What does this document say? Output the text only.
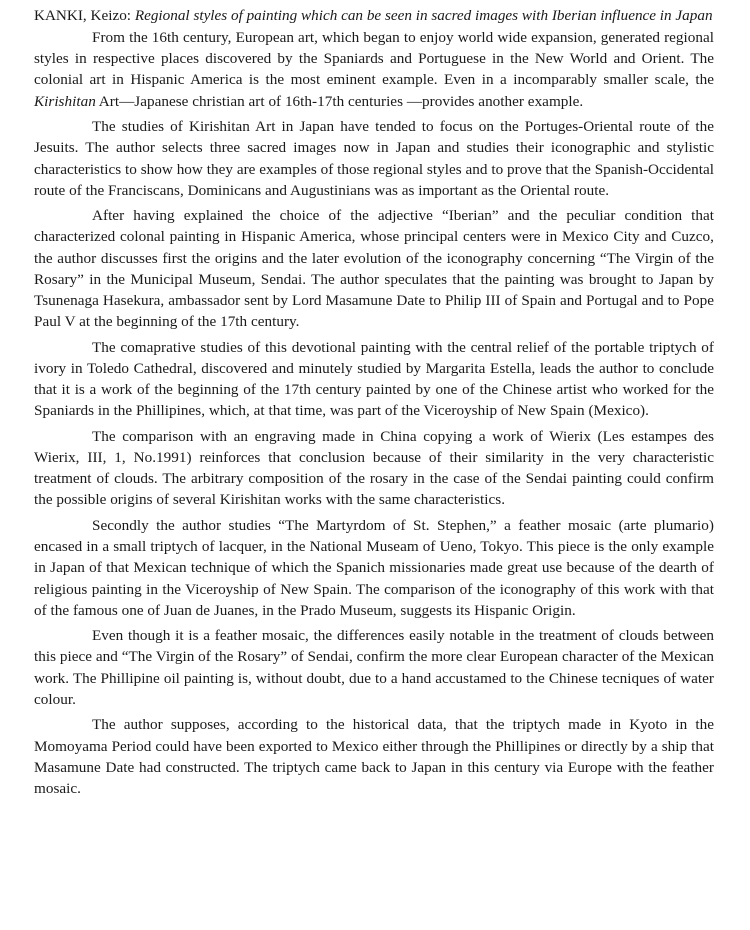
KANKI, Keizo: Regional styles of painting which can be seen in sacred images with Iberian influence in Japan

From the 16th century, European art, which began to enjoy world wide expansion, generated regional styles in respective places discovered by the Spaniards and Portuguese in the New World and Orient. The colonial art in Hispanic America is the most eminent example. Even in a incomparably smaller scale, the Kirishitan Art—Japanese christian art of 16th-17th centuries —provides another example.

The studies of Kirishitan Art in Japan have tended to focus on the Portuges-Oriental route of the Jesuits. The author selects three sacred images now in Japan and studies their iconographic and stylistic characteristics to show how they are examples of those regional styles and to prove that the Spanish-Occidental route of the Franciscans, Dominicans and Augustinians was as important as the Oriental route.

After having explained the choice of the adjective “Iberian” and the peculiar condition that characterized colonal painting in Hispanic America, whose principal centers were in Mexico City and Cuzco, the author discusses first the origins and the later evolution of the iconography concerning “The Virgin of the Rosary” in the Municipal Museum, Sendai. The author speculates that the painting was brought to Japan by Tsunenaga Hasekura, ambassador sent by Lord Masamune Date to Philip III of Spain and Portugal and to Pope Paul V at the beginning of the 17th century.

The comaprative studies of this devotional painting with the central relief of the portable triptych of ivory in Toledo Cathedral, discovered and minutely studied by Margarita Estella, leads the author to conclude that it is a work of the beginning of the 17th century painted by one of the Chinese artist who worked for the Spaniards in the Phillipines, which, at that time, was part of the Viceroyship of New Spain (Mexico).

The comparison with an engraving made in China copying a work of Wierix (Les estampes des Wierix, III, 1, No.1991) reinforces that conclusion because of their similarity in the very characteristic treatment of clouds. The arbitrary composition of the rosary in the case of the Sendai painting could confirm the possible origins of several Kirishitan works with the same characteristics.

Secondly the author studies “The Martyrdom of St. Stephen,” a feather mosaic (arte plumario) encased in a small triptych of lacquer, in the National Museam of Ueno, Tokyo. This piece is the only example in Japan of that Mexican technique of which the Spanich missionaries made great use because of the dearth of religious painting in the Viceroyship of New Spain. The comparison of the iconography of this work with that of the famous one of Juan de Juanes, in the Prado Museum, suggests its Hispanic Origin.

Even though it is a feather mosaic, the differences easily notable in the treatment of clouds between this piece and “The Virgin of the Rosary” of Sendai, confirm the more clear European character of the Mexican work. The Phillipine oil painting is, without doubt, due to a hand accustamed to the Chinese tecniques of water colour.

The author supposes, according to the historical data, that the triptych made in Kyoto in the Momoyama Period could have been exported to Mexico either through the Phillipines or directly by a ship that Masamune Date had constructed. The triptych came back to Japan in this century via Europe with the feather mosaic.
